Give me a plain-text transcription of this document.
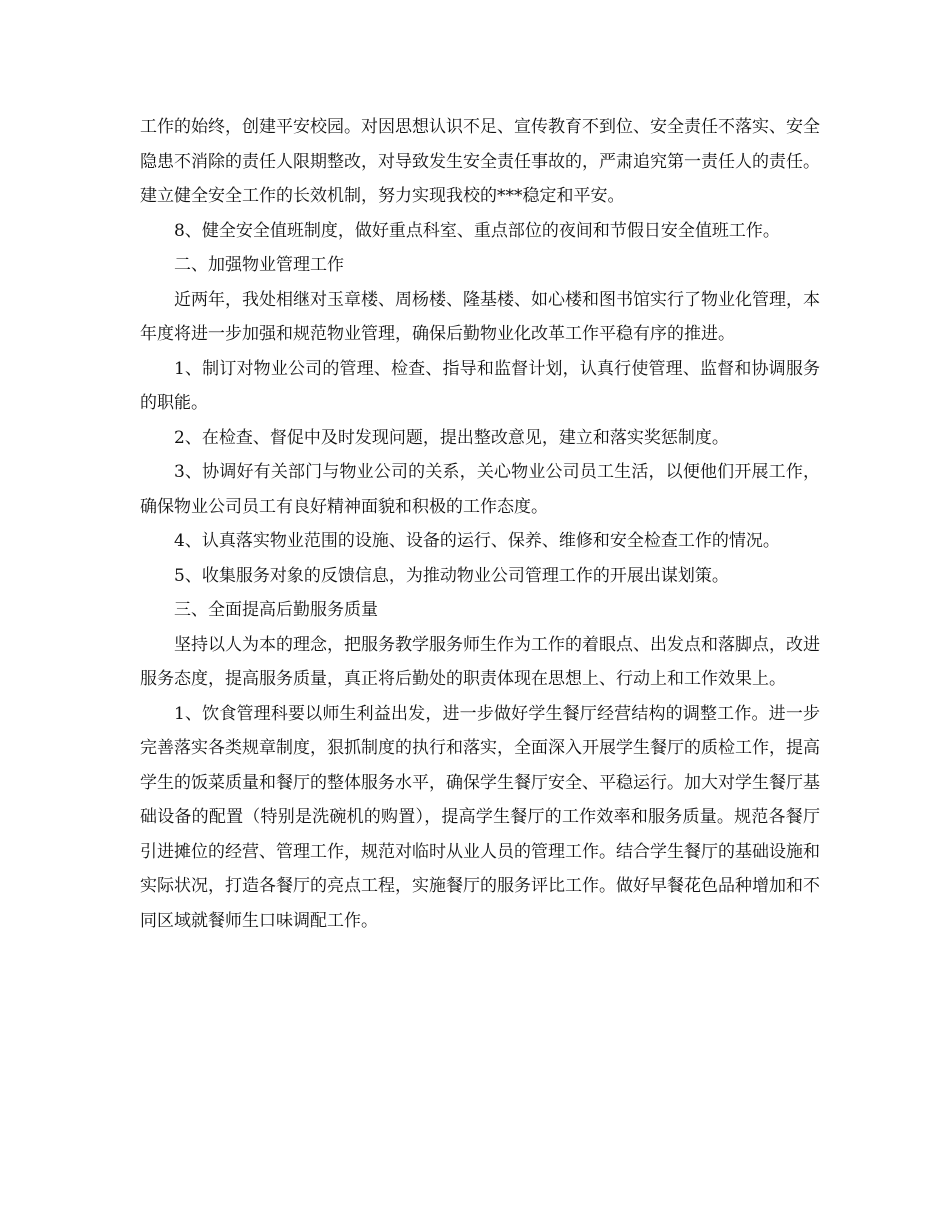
工作的始终，创建平安校园。对因思想认识不足、宣传教育不到位、安全责任不落实、安全隐患不消除的责任人限期整改，对导致发生安全责任事故的，严肃追究第一责任人的责任。建立健全安全工作的长效机制，努力实现我校的***稳定和平安。

8、健全安全值班制度，做好重点科室、重点部位的夜间和节假日安全值班工作。

二、加强物业管理工作

近两年，我处相继对玉章楼、周杨楼、隆基楼、如心楼和图书馆实行了物业化管理，本年度将进一步加强和规范物业管理，确保后勤物业化改革工作平稳有序的推进。

1、制订对物业公司的管理、检查、指导和监督计划，认真行使管理、监督和协调服务的职能。

2、在检查、督促中及时发现问题，提出整改意见，建立和落实奖惩制度。

3、协调好有关部门与物业公司的关系，关心物业公司员工生活，以便他们开展工作，确保物业公司员工有良好精神面貌和积极的工作态度。

4、认真落实物业范围的设施、设备的运行、保养、维修和安全检查工作的情况。

5、收集服务对象的反馈信息，为推动物业公司管理工作的开展出谋划策。

三、全面提高后勤服务质量

坚持以人为本的理念，把服务教学服务师生作为工作的着眼点、出发点和落脚点，改进服务态度，提高服务质量，真正将后勤处的职责体现在思想上、行动上和工作效果上。

1、饮食管理科要以师生利益出发，进一步做好学生餐厅经营结构的调整工作。进一步完善落实各类规章制度，狠抓制度的执行和落实，全面深入开展学生餐厅的质检工作，提高学生的饭菜质量和餐厅的整体服务水平，确保学生餐厅安全、平稳运行。加大对学生餐厅基础设备的配置（特别是洗碗机的购置），提高学生餐厅的工作效率和服务质量。规范各餐厅引进摊位的经营、管理工作，规范对临时从业人员的管理工作。结合学生餐厅的基础设施和实际状况，打造各餐厅的亮点工程，实施餐厅的服务评比工作。做好早餐花色品种增加和不同区域就餐师生口味调配工作。
